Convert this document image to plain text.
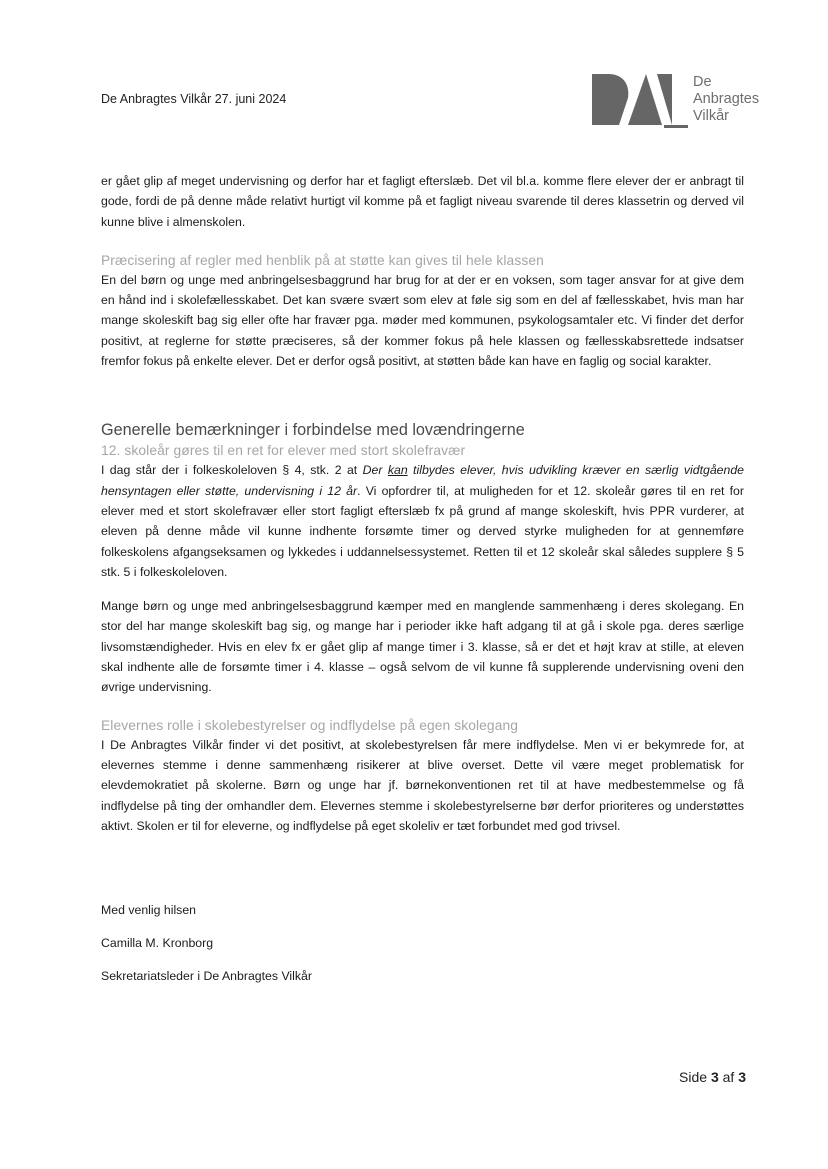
De Anbragtes Vilkår 27. juni 2024
De
Anbragtes
Vilkår

er gået glip af meget undervisning og derfor har et fagligt efterslæb. Det vil bl.a. komme flere elever der er anbragt til gode, fordi de på denne måde relativt hurtigt vil komme på et fagligt niveau svarende til deres klassetrin og derved vil kunne blive i almenskolen.

Præcisering af regler med henblik på at støtte kan gives til hele klassen

En del børn og unge med anbringelsesbaggrund har brug for at der er en voksen, som tager ansvar for at give dem en hånd ind i skolefællesskabet. Det kan svære svært som elev at føle sig som en del af fællesskabet, hvis man har mange skoleskift bag sig eller ofte har fravær pga. møder med kommunen, psykologsamtaler etc. Vi finder det derfor positivt, at reglerne for støtte præciseres, så der kommer fokus på hele klassen og fællesskabsrettede indsatser fremfor fokus på enkelte elever. Det er derfor også positivt, at støtten både kan have en faglig og social karakter.

Generelle bemærkninger i forbindelse med lovændringerne
12. skoleår gøres til en ret for elever med stort skolefravær

I dag står der i folkeskoleloven § 4, stk. 2 at Der kan tilbydes elever, hvis udvikling kræver en særlig vidtgående hensyntagen eller støtte, undervisning i 12 år. Vi opfordrer til, at muligheden for et 12. skoleår gøres til en ret for elever med et stort skolefravær eller stort fagligt efterslæb fx på grund af mange skoleskift, hvis PPR vurderer, at eleven på denne måde vil kunne indhente forsømte timer og derved styrke muligheden for at gennemføre folkeskolens afgangseksamen og lykkedes i uddannelsessystemet. Retten til et 12 skoleår skal således supplere § 5 stk. 5 i folkeskoleloven.

Mange børn og unge med anbringelsesbaggrund kæmper med en manglende sammenhæng i deres skolegang. En stor del har mange skoleskift bag sig, og mange har i perioder ikke haft adgang til at gå i skole pga. deres særlige livsomstændigheder. Hvis en elev fx er gået glip af mange timer i 3. klasse, så er det et højt krav at stille, at eleven skal indhente alle de forsømte timer i 4. klasse – også selvom de vil kunne få supplerende undervisning oveni den øvrige undervisning.

Elevernes rolle i skolebestyrelser og indflydelse på egen skolegang

I De Anbragtes Vilkår finder vi det positivt, at skolebestyrelsen får mere indflydelse. Men vi er bekymrede for, at elevernes stemme i denne sammenhæng risikerer at blive overset. Dette vil være meget problematisk for elevdemokratiet på skolerne. Børn og unge har jf. børnekonventionen ret til at have medbestemmelse og få indflydelse på ting der omhandler dem. Elevernes stemme i skolebestyrelserne bør derfor prioriteres og understøttes aktivt. Skolen er til for eleverne, og indflydelse på eget skoleliv er tæt forbundet med god trivsel.

Med venlig hilsen
Camilla M. Kronborg
Sekretariatsleder i De Anbragtes Vilkår
Side 3 af 3
